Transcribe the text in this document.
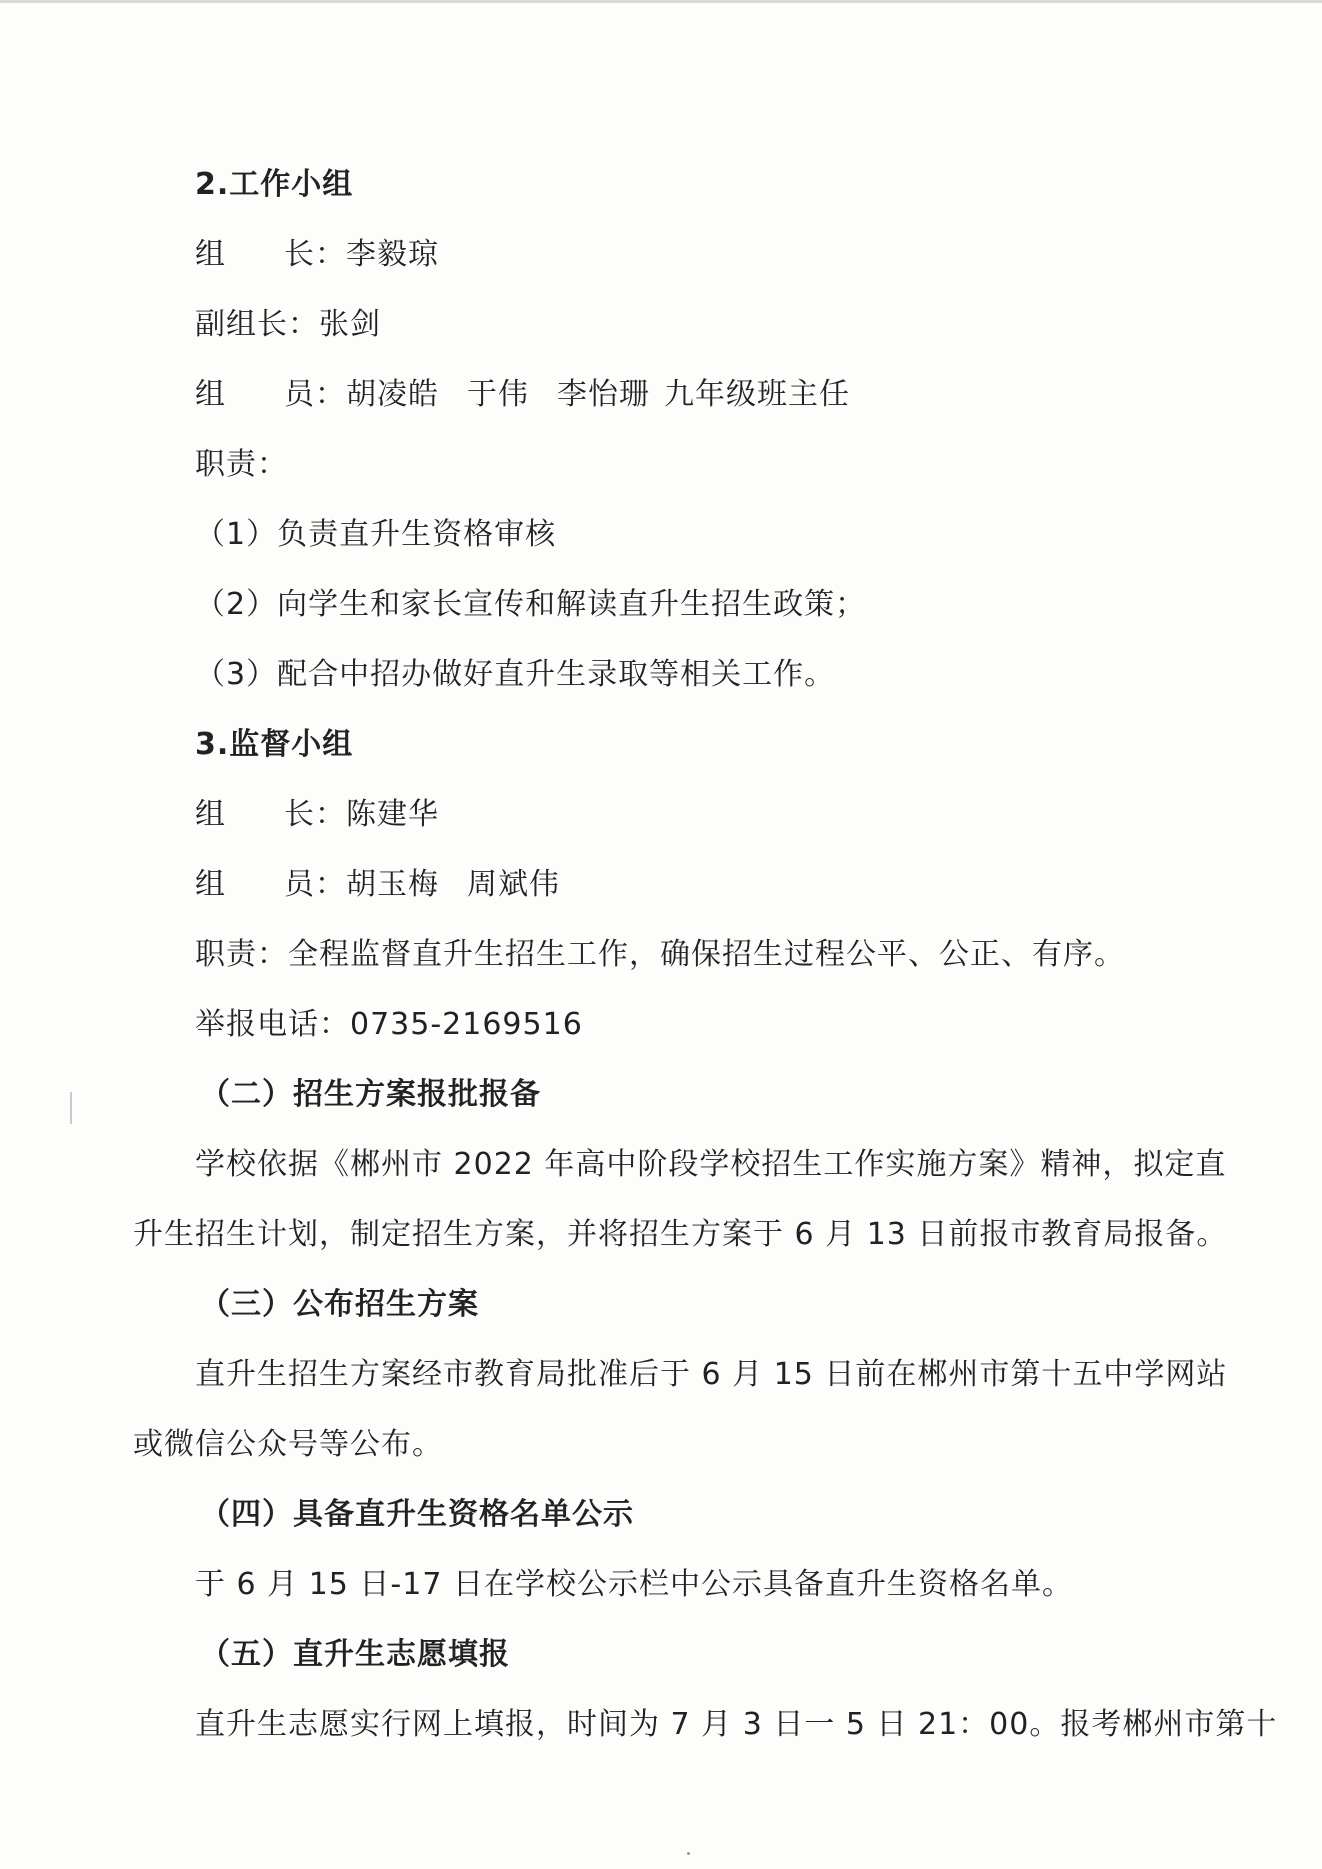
2.工作小组
组 长：李毅琼
副组长：张剑
组 员：胡凌皓 于伟 李怡珊 九年级班主任
职责：
（1）负责直升生资格审核
（2）向学生和家长宣传和解读直升生招生政策；
（3）配合中招办做好直升生录取等相关工作。
3.监督小组
组 长：陈建华
组 员：胡玉梅 周斌伟
职责：全程监督直升生招生工作，确保招生过程公平、公正、有序。
举报电话：0735-2169516
（二）招生方案报批报备
学校依据《郴州市 2022 年高中阶段学校招生工作实施方案》精神，拟定直
升生招生计划，制定招生方案，并将招生方案于 6 月 13 日前报市教育局报备。
（三）公布招生方案
直升生招生方案经市教育局批准后于 6 月 15 日前在郴州市第十五中学网站
或微信公众号等公布。
（四）具备直升生资格名单公示
于 6 月 15 日-17 日在学校公示栏中公示具备直升生资格名单。
（五）直升生志愿填报
直升生志愿实行网上填报，时间为 7 月 3 日一 5 日 21：00。报考郴州市第十
